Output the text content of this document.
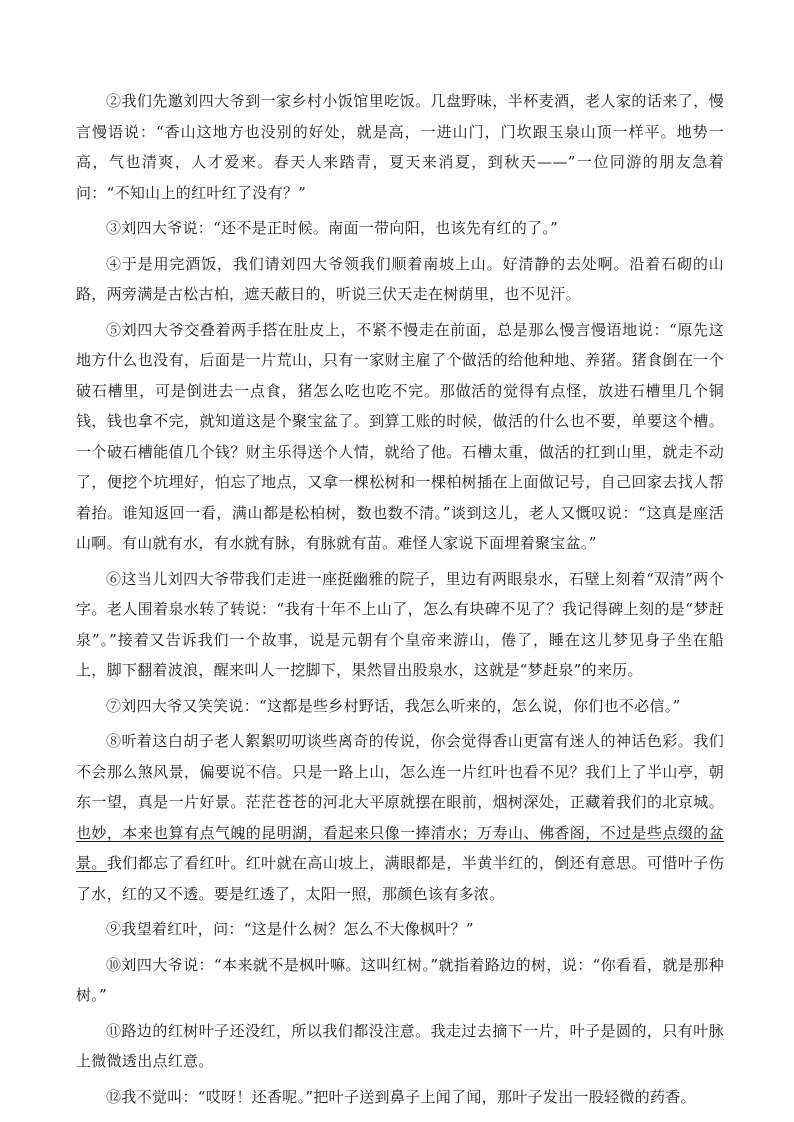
②我们先邀刘四大爷到一家乡村小饭馆里吃饭。几盘野味，半杯麦酒，老人家的话来了，慢言慢语说：“香山这地方也没别的好处，就是高，一进山门，门坎跟玉泉山顶一样平。地势一高，气也清爽，人才爱来。春天人来踏青，夏天来消夏，到秋天——”一位同游的朋友急着问：“不知山上的红叶红了没有？”

③刘四大爷说：“还不是正时候。南面一带向阳，也该先有红的了。”

④于是用完酒饭，我们请刘四大爷领我们顺着南坡上山。好清静的去处啊。沿着石砌的山路，两旁满是古松古柏，遮天蔽日的，听说三伏天走在树荫里，也不见汗。

⑤刘四大爷交叠着两手搭在肚皮上，不紧不慢走在前面，总是那么慢言慢语地说：“原先这地方什么也没有，后面是一片荒山，只有一家财主雇了个做活的给他种地、养猪。猪食倒在一个破石槽里，可是倒进去一点食，猪怎么吃也吃不完。那做活的觉得有点怪，放进石槽里几个铜钱，钱也拿不完，就知道这是个聚宝盆了。到算工账的时候，做活的什么也不要，单要这个槽。一个破石槽能值几个钱？财主乐得送个人情，就给了他。石槽太重，做活的扛到山里，就走不动了，便挖个坑埋好，怕忘了地点，又拿一棵松树和一棵柏树插在上面做记号，自己回家去找人帮着抬。谁知返回一看，满山都是松柏树，数也数不清。”谈到这儿，老人又慨叹说：“这真是座活山啊。有山就有水，有水就有脉，有脉就有苗。难怪人家说下面埋着聚宝盆。”

⑥这当儿刘四大爷带我们走进一座挺幽雅的院子，里边有两眼泉水，石壁上刻着“双清”两个字。老人围着泉水转了转说：“我有十年不上山了，怎么有块碑不见了？我记得碑上刻的是“梦赶泉”。”接着又告诉我们一个故事，说是元朝有个皇帝来游山，倦了，睡在这儿梦见身子坐在船上，脚下翻着波浪，醒来叫人一挖脚下，果然冒出股泉水，这就是“梦赶泉”的来历。

⑦刘四大爷又笑笑说：“这都是些乡村野话，我怎么听来的，怎么说，你们也不必信。”

⑧听着这白胡子老人絮絮叨叨谈些离奇的传说，你会觉得香山更富有迷人的神话色彩。我们不会那么煞风景，偏要说不信。只是一路上山，怎么连一片红叶也看不见？我们上了半山亭，朝东一望，真是一片好景。茫茫苍苍的河北大平原就摆在眼前，烟树深处，正藏着我们的北京城。也妙，本来也算有点气魄的昆明湖，看起来只像一捧清水；万寿山、佛香阁，不过是些点缀的盆景。我们都忘了看红叶。红叶就在高山坡上，满眼都是，半黄半红的，倒还有意思。可惜叶子伤了水，红的又不透。要是红透了，太阳一照，那颜色该有多浓。

⑨我望着红叶，问：“这是什么树？怎么不大像枫叶？”

⑩刘四大爷说：“本来就不是枫叶嘛。这叫红树。”就指着路边的树，说：“你看看，就是那种树。”

⑪路边的红树叶子还没红，所以我们都没注意。我走过去摘下一片，叶子是圆的，只有叶脉上微微透出点红意。

⑫我不觉叫：“哎呀！还香呢。”把叶子送到鼻子上闻了闻，那叶子发出一股轻微的药香。
